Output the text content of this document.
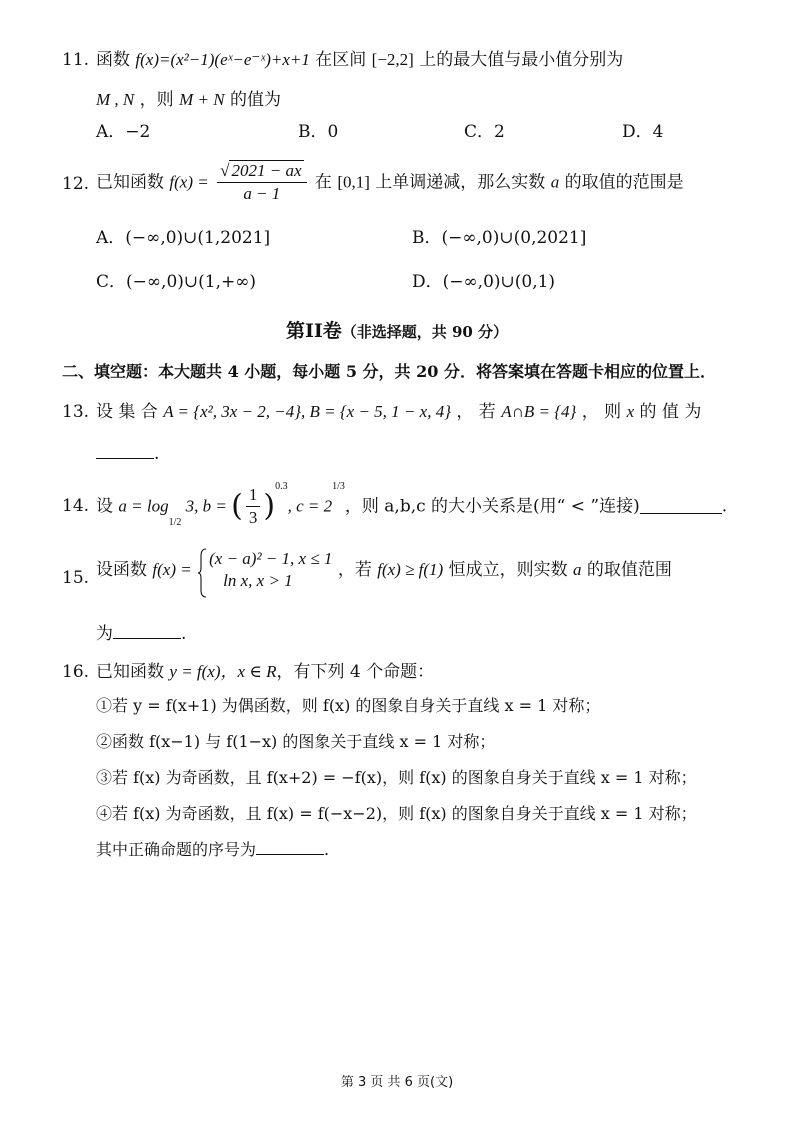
11. 函数 f(x)=(x²−1)(eˣ−e⁻ˣ)+x+1 在区间 [−2,2] 上的最大值与最小值分别为
M , N ，则 M + N 的值为
A．−2	B．0	C．2	D．4
12. 已知函数 $f(x) = \frac{√ 2021 - ax}{a - 1}$ 在 [0,1] 上单调递减，那么实数 a 的取值的范围是
A．(−∞,0)∪(1,2021]	B．(−∞,0)∪(0,2021]
C．(−∞,0)∪(1,+∞)	D．(−∞,0)∪(0,1)
第II卷（非选择题，共 90 分）
二、填空题：本大题共 4 小题，每小题 5 分，共 20 分．将答案填在答题卡相应的位置上．
13. 设 集 合 A = {x², 3x − 2, −4}, B = {x − 5, 1 − x, 4} ， 若 A∩B = {4} ， 则 x 的 值 为
.
14. 设 $a = \log_{1/2} 3$, b = ( $\frac{1}{3} )^{0.3}$, $c = 2^{1/3}$，则 a,b,c 的大小关系是(用“ < ”连接)	.
15. 设函数 f(x) =
(x − a)² − 1, x ≤ 1
ln x, x > 1
，若 f(x) ≥ f(1) 恒成立，则实数 a 的取值范围
为	.
16. 已知函数 y = f(x)，x ∈ R，有下列 4 个命题：
①若 y = f(x+1) 为偶函数，则 f(x) 的图象自身关于直线 x = 1 对称；
②函数 f(x−1) 与 f(1−x) 的图象关于直线 x = 1 对称；
③若 f(x) 为奇函数，且 f(x+2) = −f(x)，则 f(x) 的图象自身关于直线 x = 1 对称；
④若 f(x) 为奇函数，且 f(x) = f(−x−2)，则 f(x) 的图象自身关于直线 x = 1 对称；
其中正确命题的序号为	.
第 3 页 共 6 页(文)
